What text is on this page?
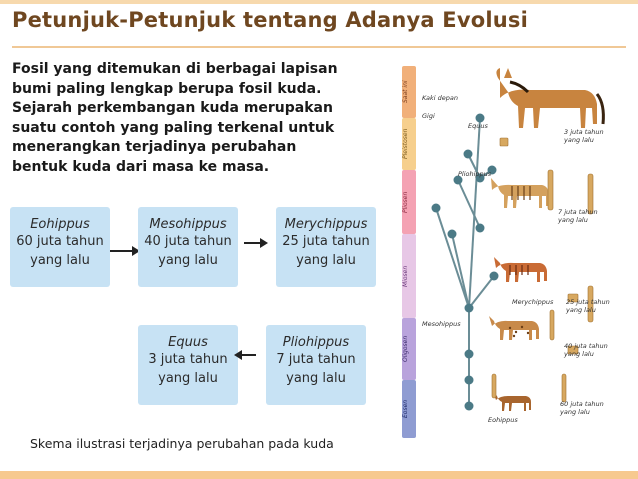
Petunjuk-Petunjuk tentang Adanya Evolusi
Fosil yang ditemukan di berbagai lapisan
bumi paling lengkap berupa fosil kuda.
Sejarah perkembangan kuda merupakan
suatu contoh yang paling terkenal untuk
menerangkan terjadinya perubahan
bentuk kuda dari masa ke masa.
Eohippus
60 juta tahun
yang lalu
Mesohippus
40 juta tahun
yang lalu
Merychippus
25 juta tahun
yang lalu
Equus
3 juta tahun
yang lalu
Pliohippus
7 juta tahun
yang lalu
Skema ilustrasi terjadinya perubahan pada kuda
Saat ini
Pleistosen
Pliosen
Miosen
Oligosen
Eosen
Kaki depan
Gigi
Equus
3 juta tahun yang lalu
Pliohippus
7 juta tahun yang lalu
Merychippus 25 juta tahun yang lalu
Mesohippus
40 juta tahun yang lalu
Eohippus
60 juta tahun yang lalu
